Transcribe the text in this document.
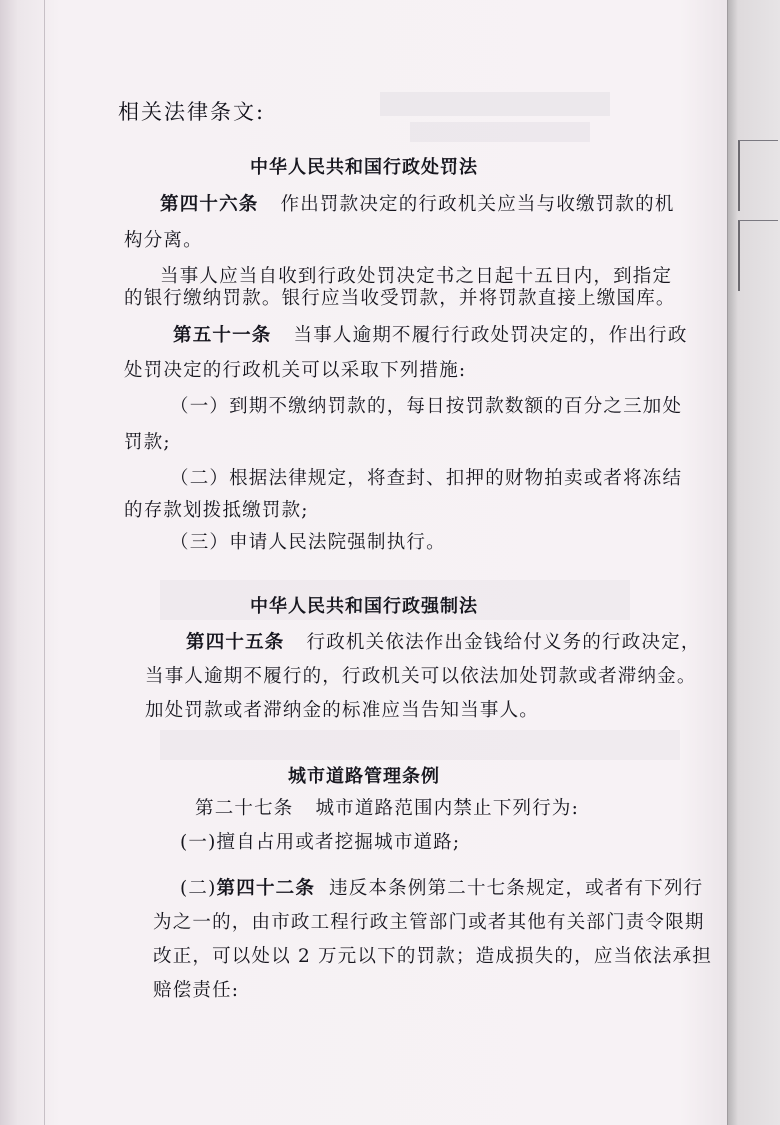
相关法律条文:
中华人民共和国行政处罚法

第四十六条 作出罚款决定的行政机关应当与收缴罚款的机

构分离。

当事人应当自收到行政处罚决定书之日起十五日内，到指定

的银行缴纳罚款。银行应当收受罚款，并将罚款直接上缴国库。

第五十一条 当事人逾期不履行行政处罚决定的，作出行政

处罚决定的行政机关可以采取下列措施:

（一）到期不缴纳罚款的，每日按罚款数额的百分之三加处

罚款;

（二）根据法律规定，将查封、扣押的财物拍卖或者将冻结

的存款划拨抵缴罚款;

（三）申请人民法院强制执行。

中华人民共和国行政强制法

第四十五条 行政机关依法作出金钱给付义务的行政决定，

当事人逾期不履行的，行政机关可以依法加处罚款或者滞纳金。

加处罚款或者滞纳金的标准应当告知当事人。

城市道路管理条例

第二十七条 城市道路范围内禁止下列行为:

(一)擅自占用或者挖掘城市道路;

(二)第四十二条 违反本条例第二十七条规定，或者有下列行

为之一的，由市政工程行政主管部门或者其他有关部门责令限期

改正，可以处以 2 万元以下的罚款；造成损失的，应当依法承担

赔偿责任:
